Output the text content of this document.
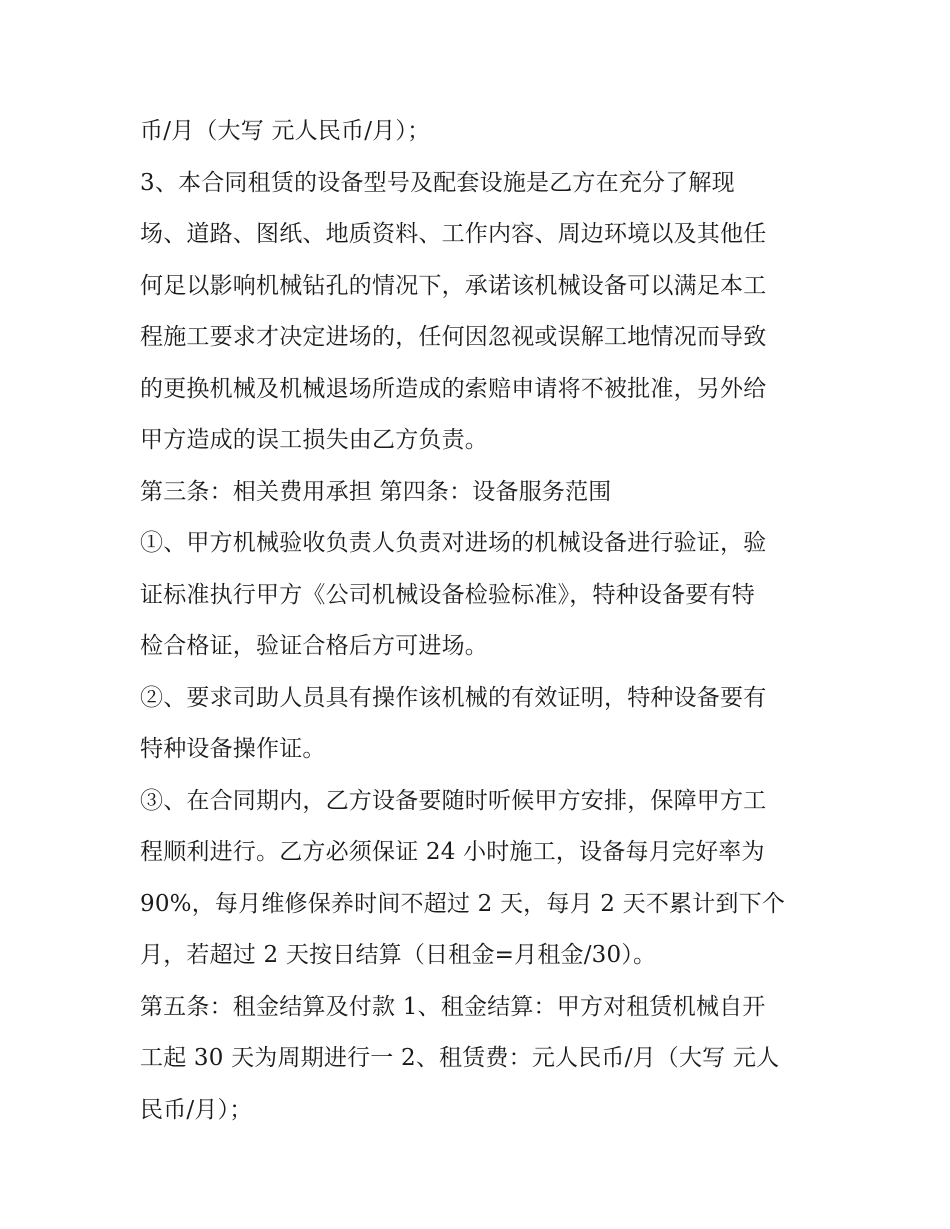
币/月（大写 元人民币/月）；
3、本合同租赁的设备型号及配套设施是乙方在充分了解现
场、道路、图纸、地质资料、工作内容、周边环境以及其他任
何足以影响机械钻孔的情况下，承诺该机械设备可以满足本工
程施工要求才决定进场的，任何因忽视或误解工地情况而导致
的更换机械及机械退场所造成的索赔申请将不被批准，另外给
甲方造成的误工损失由乙方负责。
第三条：相关费用承担 第四条：设备服务范围
①、甲方机械验收负责人负责对进场的机械设备进行验证，验
证标准执行甲方《公司机械设备检验标准》，特种设备要有特
检合格证，验证合格后方可进场。
②、要求司助人员具有操作该机械的有效证明，特种设备要有
特种设备操作证。
③、在合同期内，乙方设备要随时听候甲方安排，保障甲方工
程顺利进行。乙方必须保证 24 小时施工，设备每月完好率为
90%，每月维修保养时间不超过 2 天，每月 2 天不累计到下个
月，若超过 2 天按日结算（日租金=月租金/30）。
第五条：租金结算及付款 1、租金结算：甲方对租赁机械自开
工起 30 天为周期进行一 2、租赁费：元人民币/月（大写 元人
民币/月）；
